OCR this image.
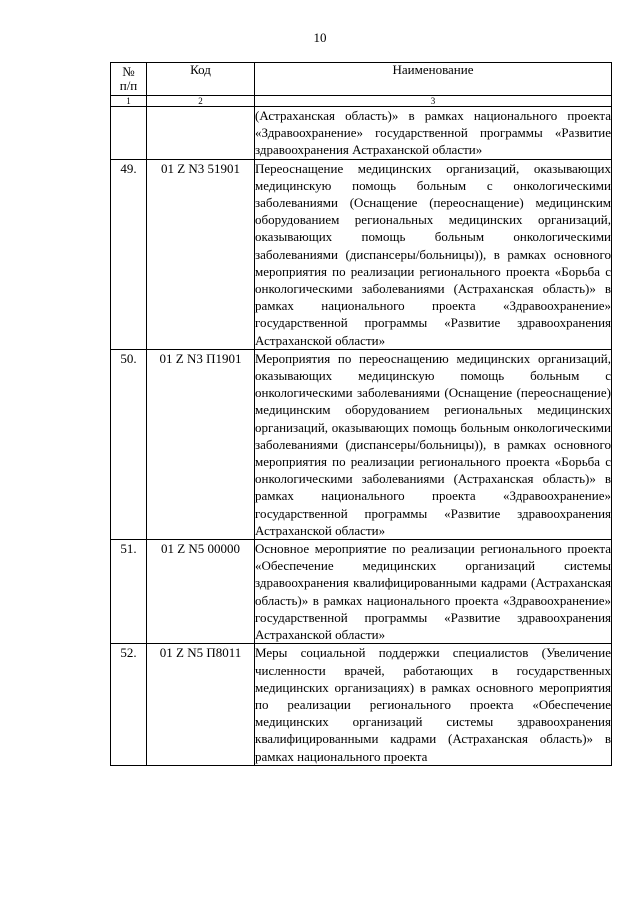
10
№
п/п	Код	Наименование
1	2	3
		(Астраханская область)» в рамках национального проекта «Здравоохранение» государственной программы «Развитие здравоохранения Астраханской области»
49.	01 Z N3 51901	Переоснащение медицинских организаций, оказывающих медицинскую помощь больным с онкологическими заболеваниями (Оснащение (переоснащение) медицинским оборудованием региональных медицинских организаций, оказывающих помощь больным онкологическими заболеваниями (диспансеры/больницы)), в рамках основного мероприятия по реализации регионального проекта «Борьба с онкологическими заболеваниями (Астраханская область)» в рамках национального проекта «Здравоохранение» государственной программы «Развитие здравоохранения Астраханской области»
50.	01 Z N3 П1901	Мероприятия по переоснащению медицинских организаций, оказывающих медицинскую помощь больным с онкологическими заболеваниями (Оснащение (переоснащение) медицинским оборудованием региональных медицинских организаций, оказывающих помощь больным онкологическими заболеваниями (диспансеры/больницы)), в рамках основного мероприятия по реализации регионального проекта «Борьба с онкологическими заболеваниями (Астраханская область)» в рамках национального проекта «Здравоохранение» государственной программы «Развитие здравоохранения Астраханской области»
51.	01 Z N5 00000	Основное мероприятие по реализации регионального проекта «Обеспечение медицинских организаций системы здравоохранения квалифицированными кадрами (Астраханская область)» в рамках национального проекта «Здравоохранение» государственной программы «Развитие здравоохранения Астраханской области»
52.	01 Z N5 П8011	Меры социальной поддержки специалистов (Увеличение численности врачей, работающих в государственных медицинских организациях) в рамках основного мероприятия по реализации регионального проекта «Обеспечение медицинских организаций системы здравоохранения квалифицированными кадрами (Астраханская область)» в рамках национального проекта
